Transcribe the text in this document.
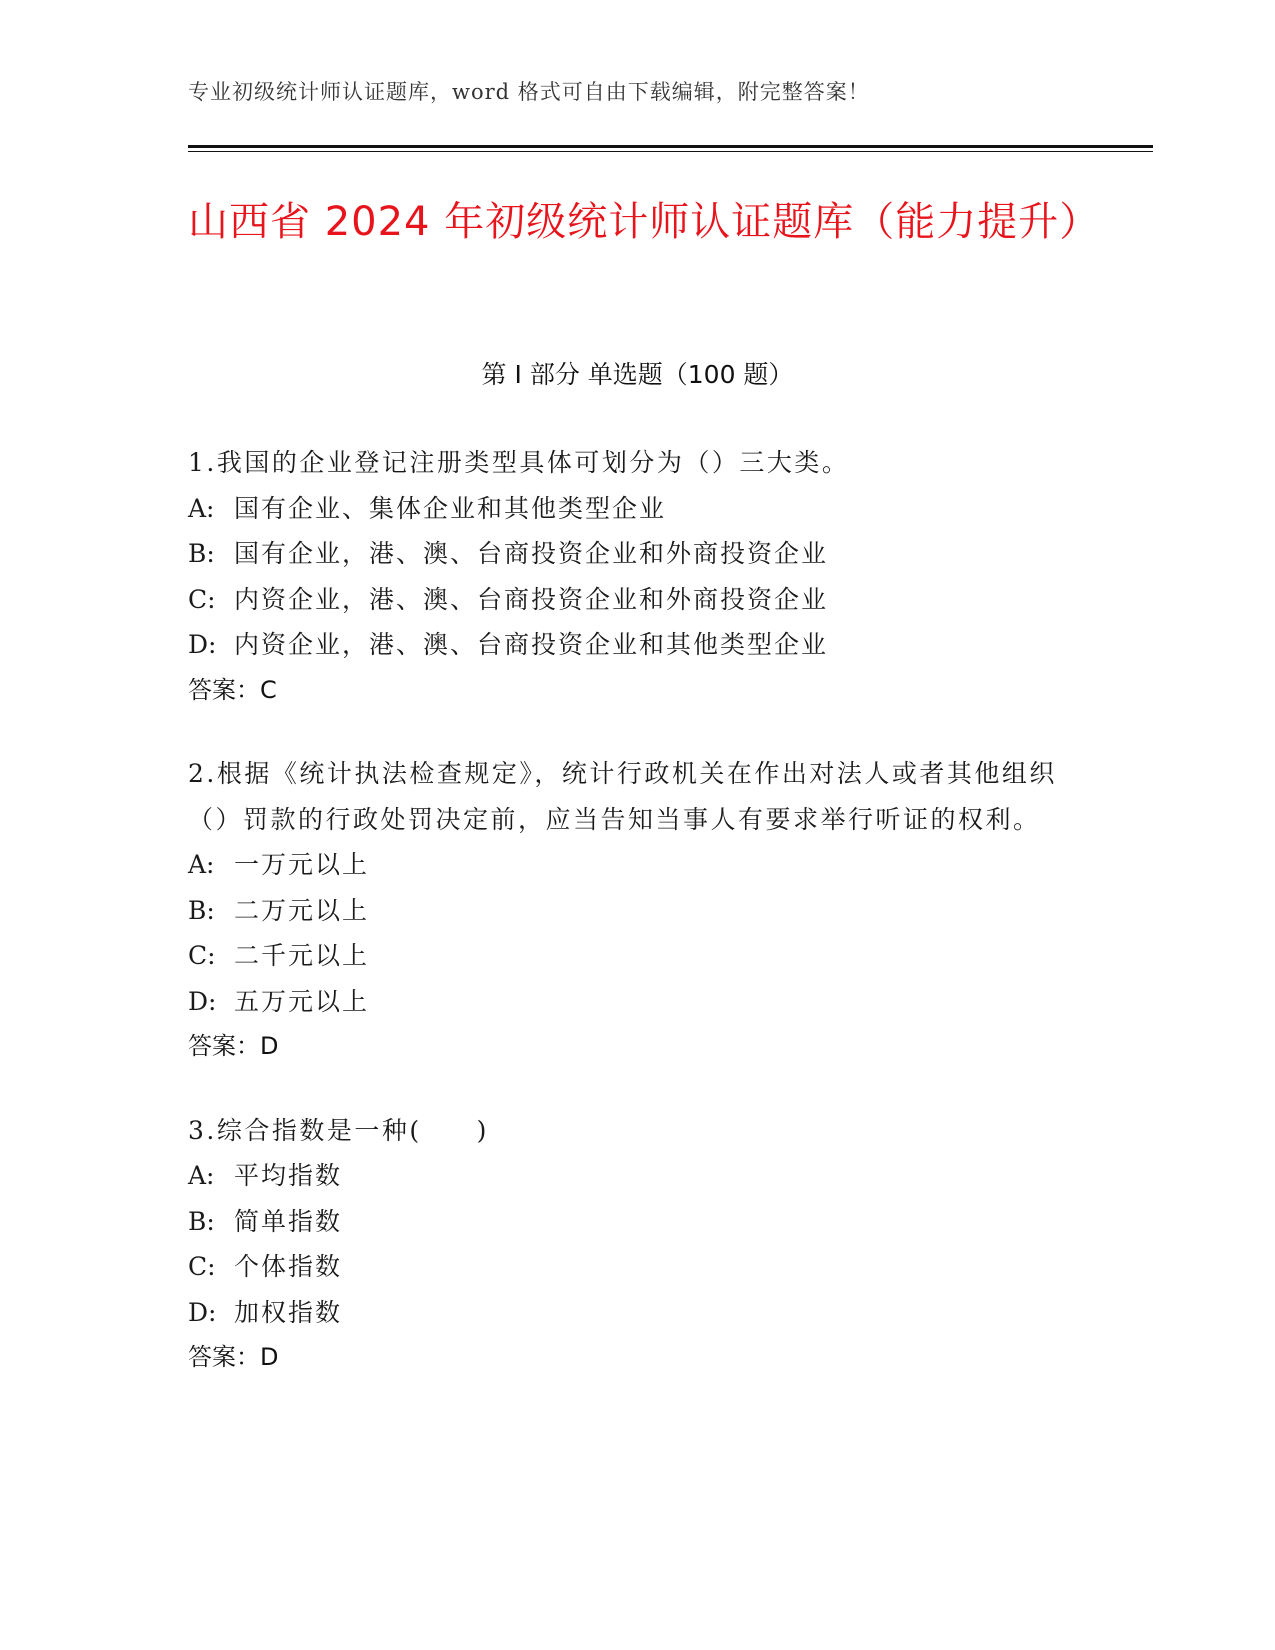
专业初级统计师认证题库，word 格式可自由下载编辑，附完整答案！
山西省 2024 年初级统计师认证题库（能力提升）
第 I 部分 单选题（100 题）
1.我国的企业登记注册类型具体可划分为（）三大类。
A: 国有企业、集体企业和其他类型企业
B: 国有企业，港、澳、台商投资企业和外商投资企业
C: 内资企业，港、澳、台商投资企业和外商投资企业
D: 内资企业，港、澳、台商投资企业和其他类型企业
答案：C
2.根据《统计执法检查规定》，统计行政机关在作出对法人或者其他组织（）罚款的行政处罚决定前，应当告知当事人有要求举行听证的权利。
A: 一万元以上
B: 二万元以上
C: 二千元以上
D: 五万元以上
答案：D
3.综合指数是一种(　　)
A: 平均指数
B: 简单指数
C: 个体指数
D: 加权指数
答案：D
